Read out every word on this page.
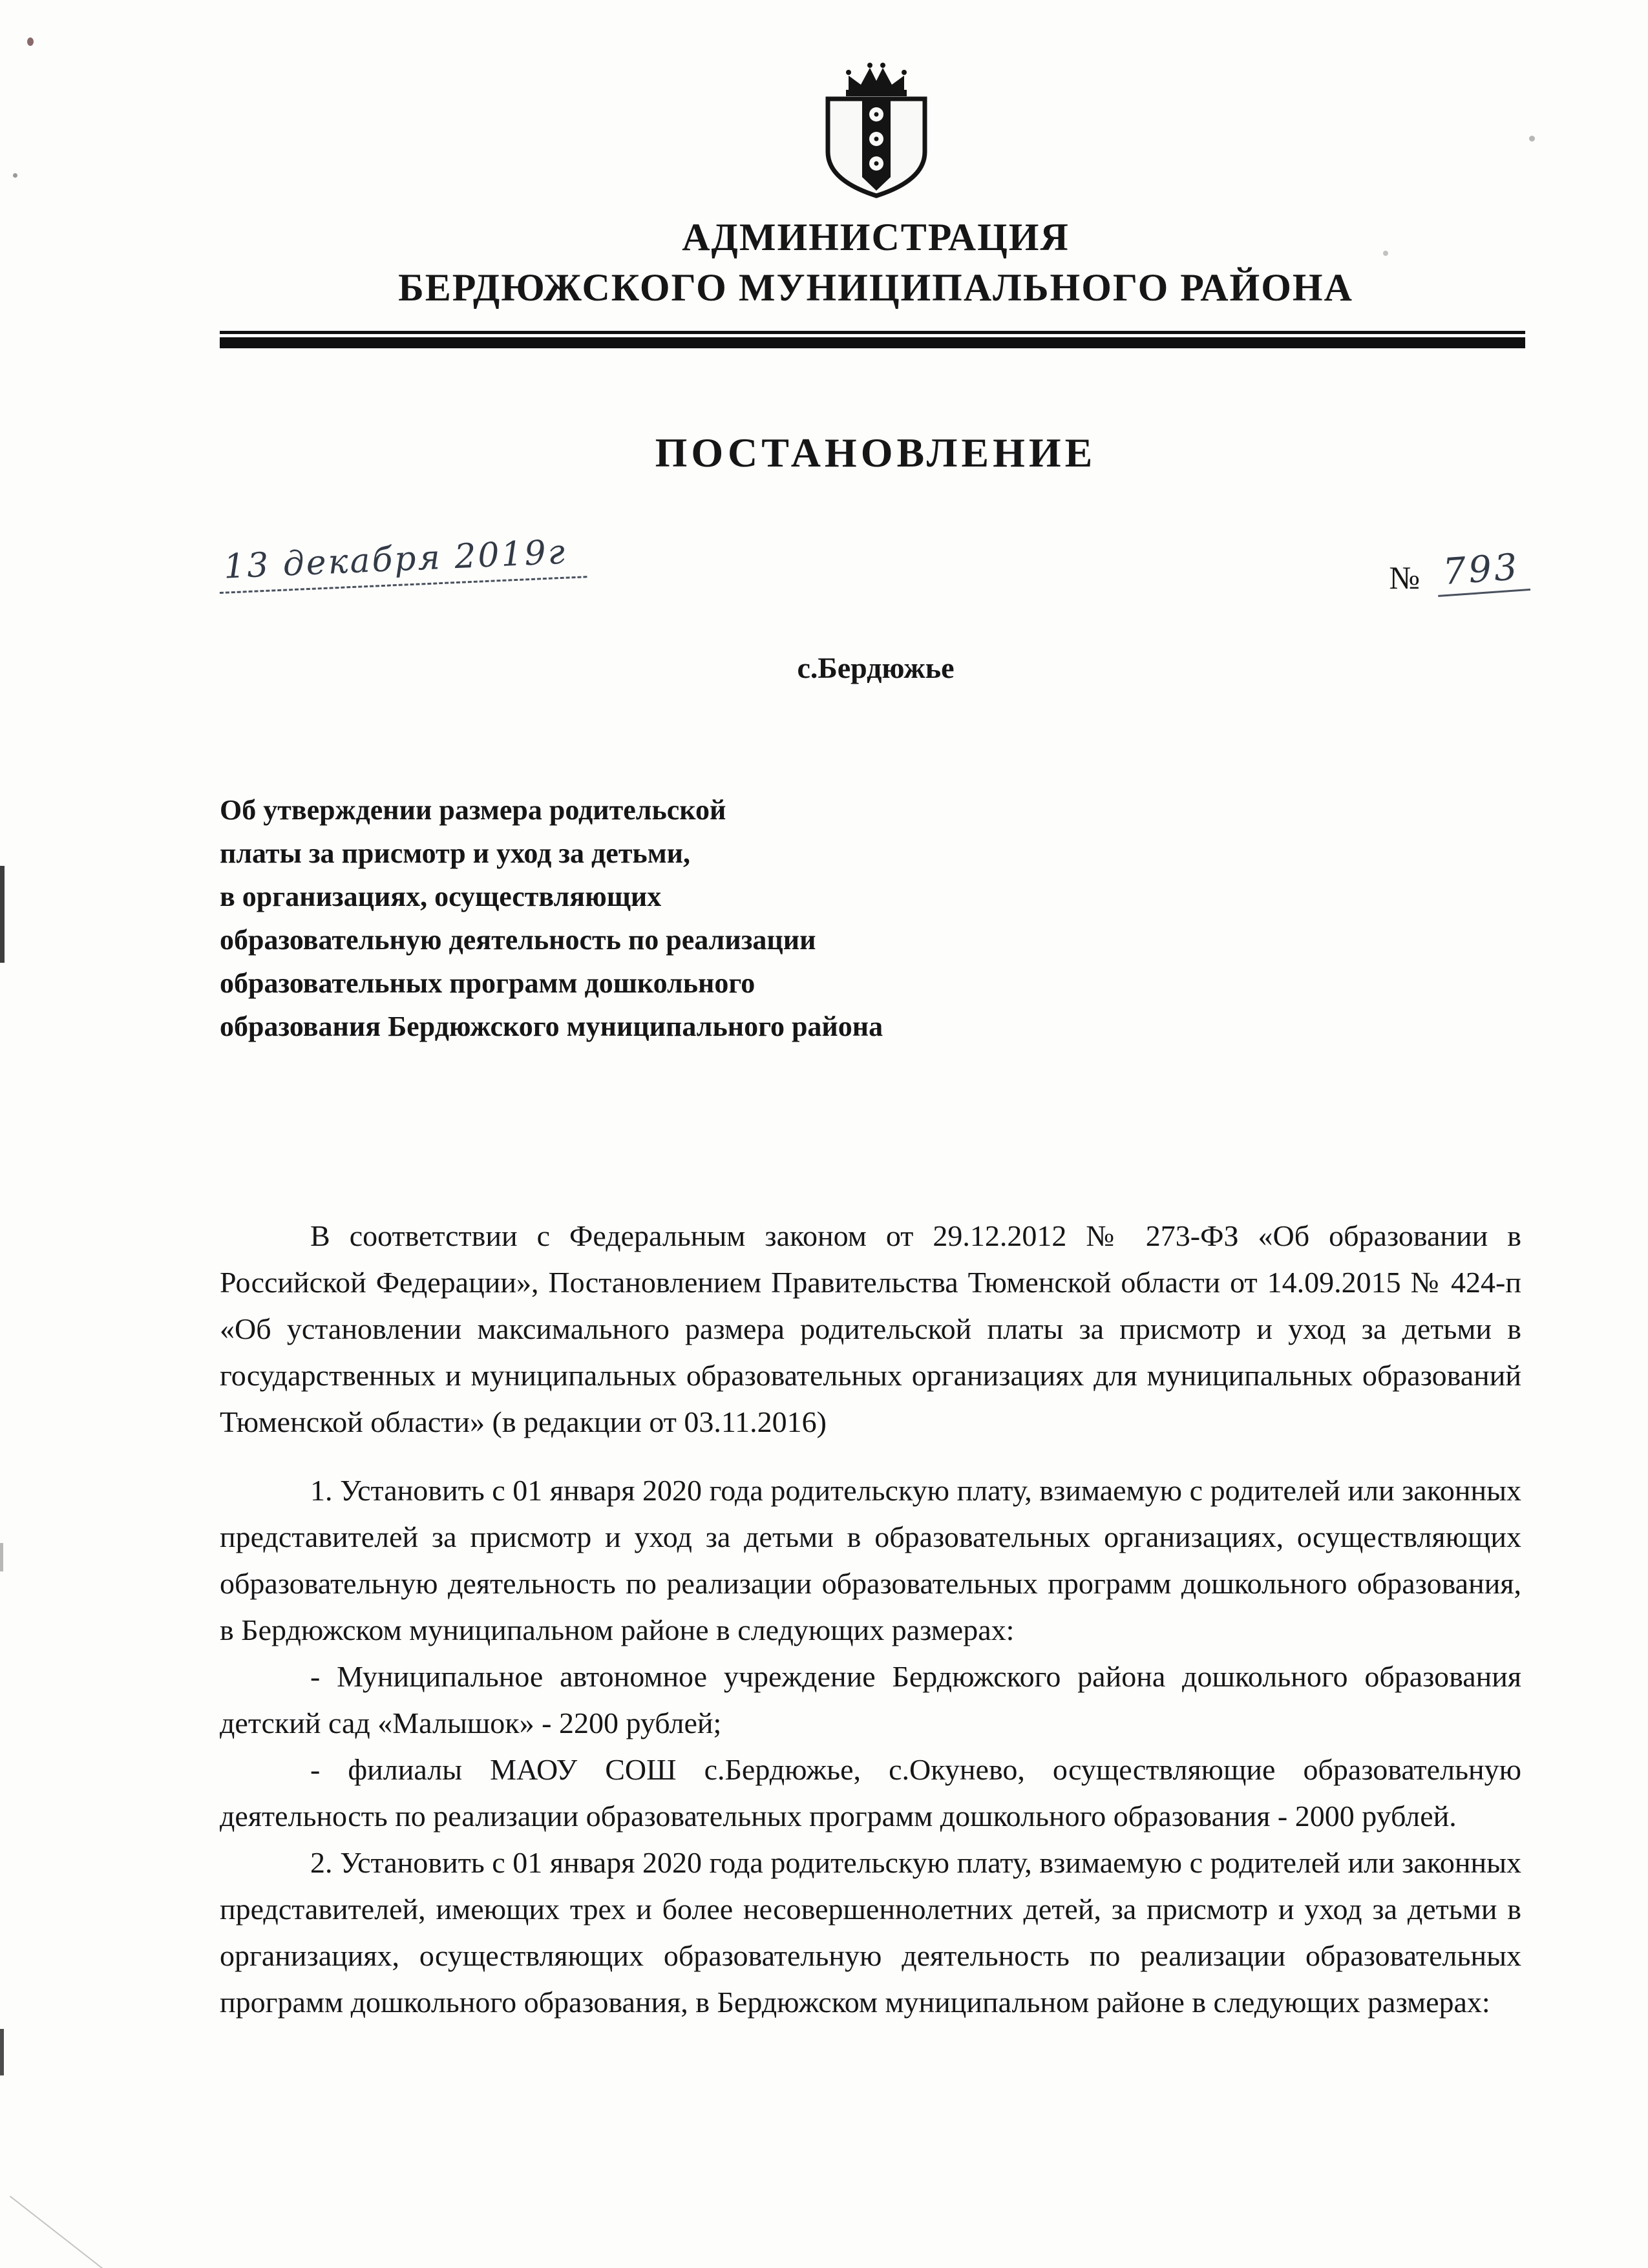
АДМИНИСТРАЦИЯ
БЕРДЮЖСКОГО МУНИЦИПАЛЬНОГО РАЙОНА
ПОСТАНОВЛЕНИЕ
13 декабря 2019г	№ 793
с.Бердюжье
Об утверждении размера родительской
платы за присмотр и уход за детьми,
в организациях, осуществляющих
образовательную деятельность по реализации
образовательных программ дошкольного
образования Бердюжского муниципального района

В соответствии с Федеральным законом от 29.12.2012 № 273-ФЗ «Об образовании в Российской Федерации», Постановлением Правительства Тюменской области от 14.09.2015 № 424-п «Об установлении максимального размера родительской платы за присмотр и уход за детьми в государственных и муниципальных образовательных организациях для муниципальных образований Тюменской области» (в редакции от 03.11.2016)

1. Установить с 01 января 2020 года родительскую плату, взимаемую с родителей или законных представителей за присмотр и уход за детьми в образовательных организациях, осуществляющих образовательную деятельность по реализации образовательных программ дошкольного образования, в Бердюжском муниципальном районе в следующих размерах:

- Муниципальное автономное учреждение Бердюжского района дошкольного образования детский сад «Малышок» - 2200 рублей;

- филиалы МАОУ СОШ с.Бердюжье, с.Окунево, осуществляющие образовательную деятельность по реализации образовательных программ дошкольного образования - 2000 рублей.

2. Установить с 01 января 2020 года родительскую плату, взимаемую с родителей или законных представителей, имеющих трех и более несовершеннолетних детей, за присмотр и уход за детьми в организациях, осуществляющих образовательную деятельность по реализации образовательных программ дошкольного образования, в Бердюжском муниципальном районе в следующих размерах:
